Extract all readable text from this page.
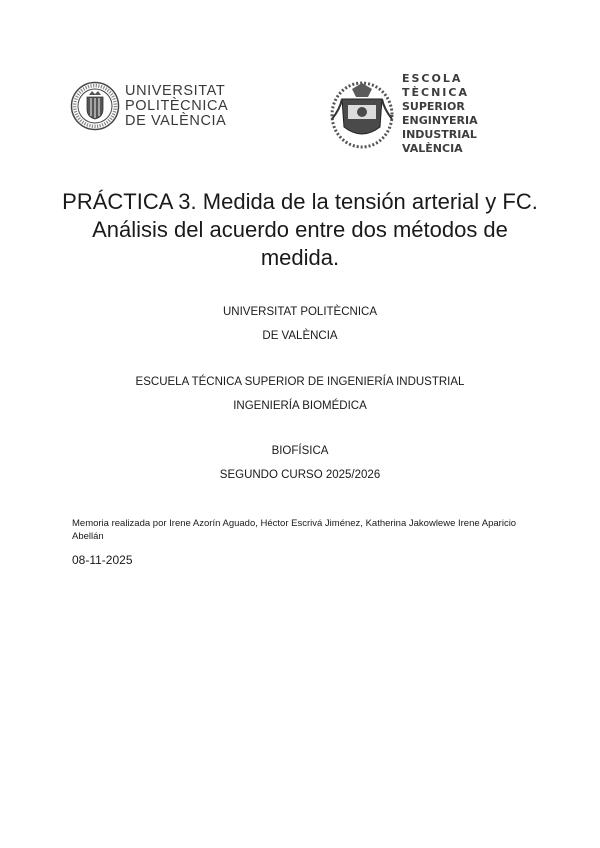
UNIVERSITAT
POLITÈCNICA
DE VALÈNCIA
ESCOLA TÈCNICA
SUPERIOR ENGINYERIA
INDUSTRIAL VALÈNCIA
PRÁCTICA 3. Medida de la tensión arterial y FC. Análisis del acuerdo entre dos métodos de medida.
UNIVERSITAT POLITÈCNICA
DE VALÈNCIA
ESCUELA TÉCNICA SUPERIOR DE INGENIERÍA INDUSTRIAL
INGENIERÍA BIOMÉDICA
BIOFÍSICA
SEGUNDO CURSO 2025/2026
Memoria realizada por Irene Azorín Aguado, Héctor Escrivá Jiménez, Katherina Jakowlewe Irene Aparicio Abellán
08-11-2025
